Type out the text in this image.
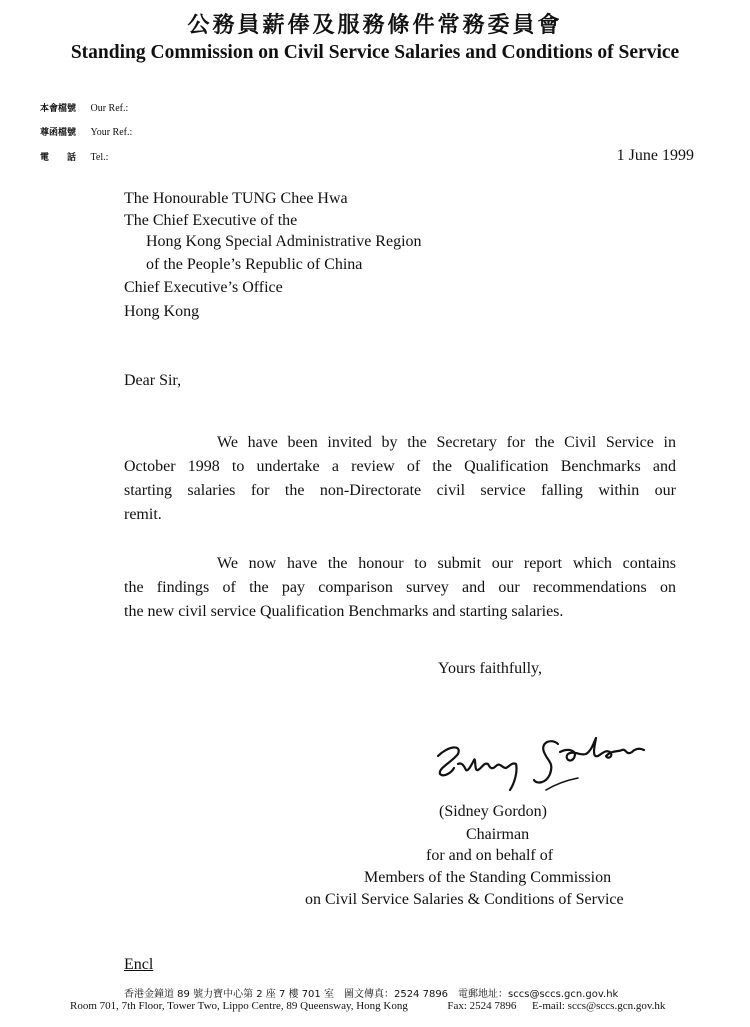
公務員薪俸及服務條件常務委員會
Standing Commission on Civil Service Salaries and Conditions of Service
本會檔號 Our Ref.:
尊函檔號 Your Ref.:
電　　話 Tel.:	1 June 1999
The Honourable TUNG Chee Hwa
The Chief Executive of the
Hong Kong Special Administrative Region
of the People’s Republic of China
Chief Executive’s Office
Hong Kong
Dear Sir,
We have been invited by the Secretary for the Civil Service in
October 1998 to undertake a review of the Qualification Benchmarks and
starting salaries for the non-Directorate civil service falling within our
remit.
We now have the honour to submit our report which contains
the findings of the pay comparison survey and our recommendations on
the new civil service Qualification Benchmarks and starting salaries.
Yours faithfully,
(Sidney Gordon)
Chairman
for and on behalf of
Members of the Standing Commission
on Civil Service Salaries & Conditions of Service
Encl
香港金鐘道 89 號力寶中心第 2 座 7 樓 701 室　圖文傳真：2524 7896　電郵地址：sccs@sccs.gcn.gov.hk
Room 701, 7th Floor, Tower Two, Lippo Centre, 89 Queensway, Hong Kong	Fax: 2524 7896 E-mail: sccs@sccs.gcn.gov.hk
